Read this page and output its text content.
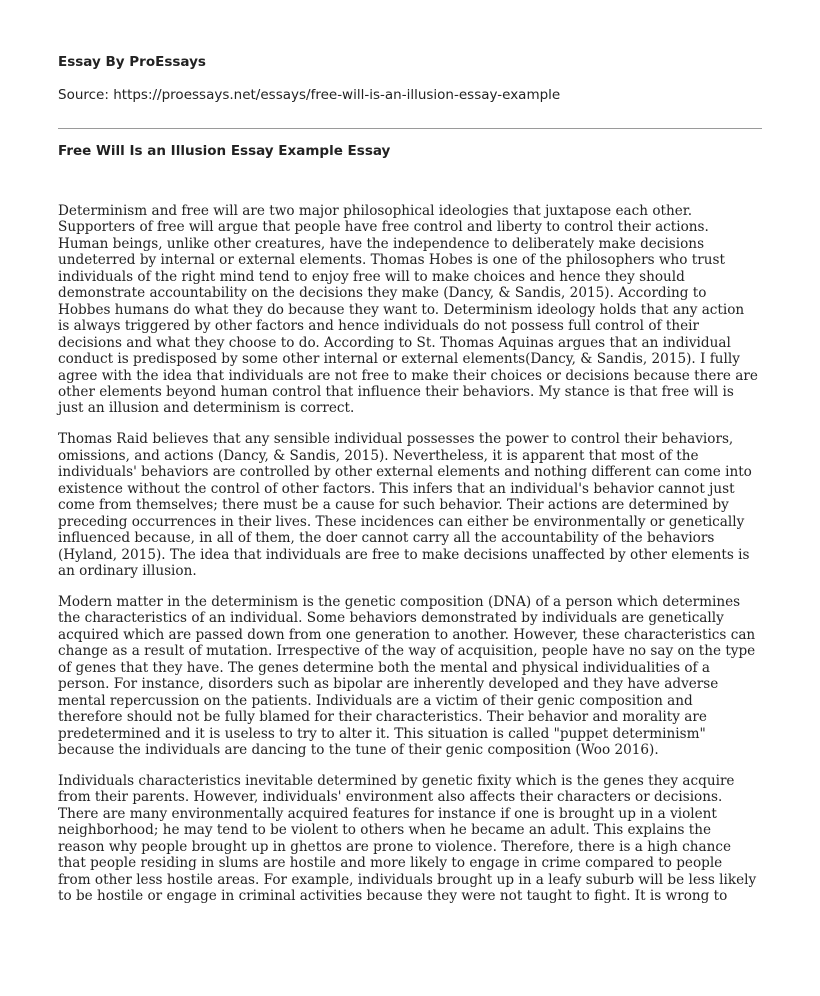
Essay By ProEssays

Source: https://proessays.net/essays/free-will-is-an-illusion-essay-example

Free Will Is an Illusion Essay Example Essay

Determinism and free will are two major philosophical ideologies that juxtapose each other.
Supporters of free will argue that people have free control and liberty to control their actions.
Human beings, unlike other creatures, have the independence to deliberately make decisions
undeterred by internal or external elements. Thomas Hobes is one of the philosophers who trust
individuals of the right mind tend to enjoy free will to make choices and hence they should
demonstrate accountability on the decisions they make (Dancy, & Sandis, 2015). According to
Hobbes humans do what they do because they want to. Determinism ideology holds that any action
is always triggered by other factors and hence individuals do not possess full control of their
decisions and what they choose to do. According to St. Thomas Aquinas argues that an individual
conduct is predisposed by some other internal or external elements(Dancy, & Sandis, 2015). I fully
agree with the idea that individuals are not free to make their choices or decisions because there are
other elements beyond human control that influence their behaviors. My stance is that free will is
just an illusion and determinism is correct.

Thomas Raid believes that any sensible individual possesses the power to control their behaviors,
omissions, and actions (Dancy, & Sandis, 2015). Nevertheless, it is apparent that most of the
individuals' behaviors are controlled by other external elements and nothing different can come into
existence without the control of other factors. This infers that an individual's behavior cannot just
come from themselves; there must be a cause for such behavior. Their actions are determined by
preceding occurrences in their lives. These incidences can either be environmentally or genetically
influenced because, in all of them, the doer cannot carry all the accountability of the behaviors
(Hyland, 2015). The idea that individuals are free to make decisions unaffected by other elements is
an ordinary illusion.

Modern matter in the determinism is the genetic composition (DNA) of a person which determines
the characteristics of an individual. Some behaviors demonstrated by individuals are genetically
acquired which are passed down from one generation to another. However, these characteristics can
change as a result of mutation. Irrespective of the way of acquisition, people have no say on the type
of genes that they have. The genes determine both the mental and physical individualities of a
person. For instance, disorders such as bipolar are inherently developed and they have adverse
mental repercussion on the patients. Individuals are a victim of their genic composition and
therefore should not be fully blamed for their characteristics. Their behavior and morality are
predetermined and it is useless to try to alter it. This situation is called "puppet determinism"
because the individuals are dancing to the tune of their genic composition (Woo 2016).

Individuals characteristics inevitable determined by genetic fixity which is the genes they acquire
from their parents. However, individuals' environment also affects their characters or decisions.
There are many environmentally acquired features for instance if one is brought up in a violent
neighborhood; he may tend to be violent to others when he became an adult. This explains the
reason why people brought up in ghettos are prone to violence. Therefore, there is a high chance
that people residing in slums are hostile and more likely to engage in crime compared to people
from other less hostile areas. For example, individuals brought up in a leafy suburb will be less likely
to be hostile or engage in criminal activities because they were not taught to fight. It is wrong to
